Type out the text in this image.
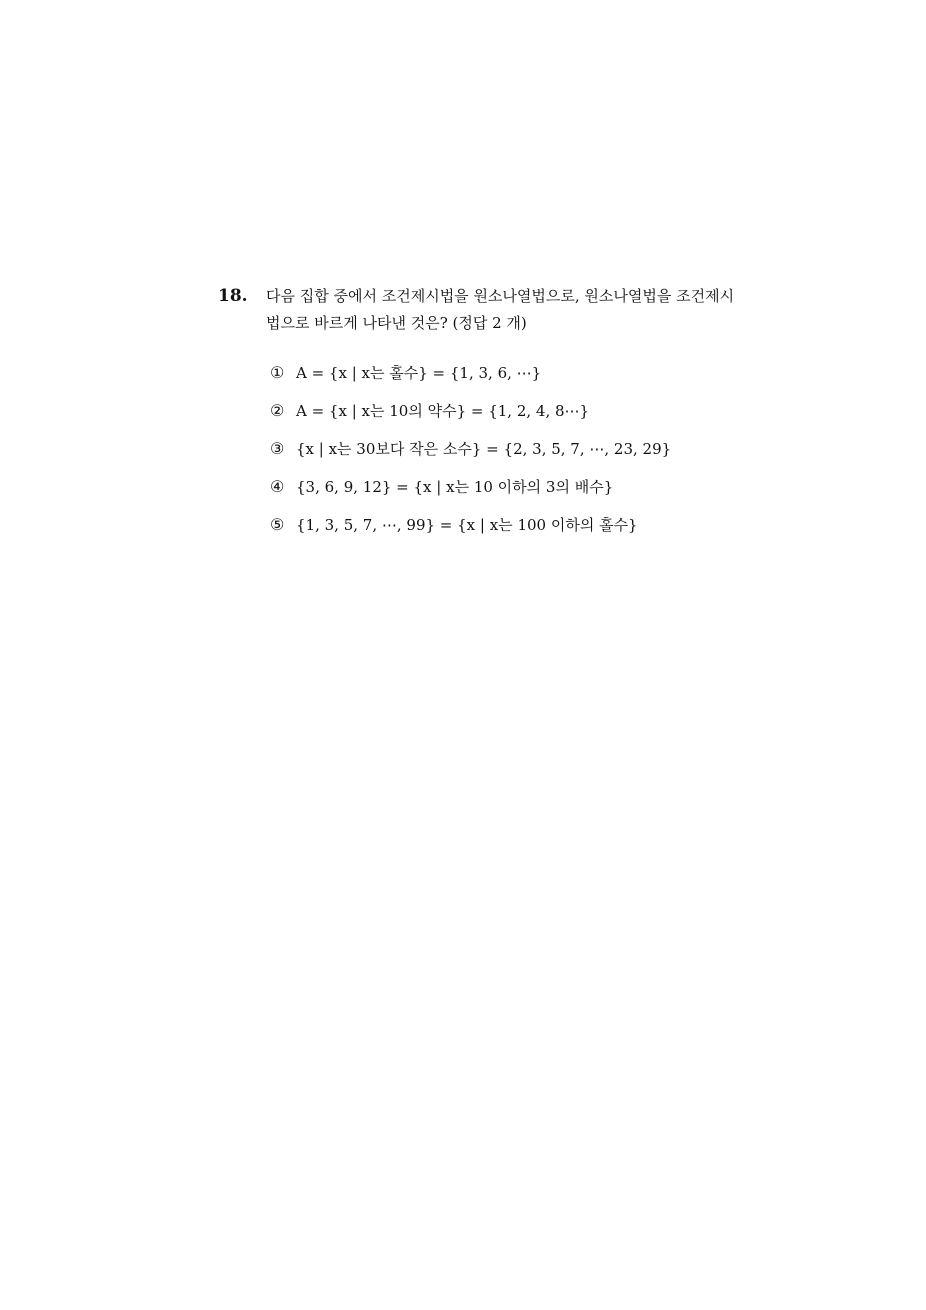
18. 다음 집합 중에서 조건제시법을 원소나열법으로, 원소나열법을 조건제시
법으로 바르게 나타낸 것은? (정답 2 개)
① A = {x | x는 홀수} = {1, 3, 6, ⋯}
② A = {x | x는 10의 약수} = {1, 2, 4, 8⋯}
③ {x | x는 30보다 작은 소수} = {2, 3, 5, 7, ⋯, 23, 29}
④ {3, 6, 9, 12} = {x | x는 10 이하의 3의 배수}
⑤ {1, 3, 5, 7, ⋯, 99} = {x | x는 100 이하의 홀수}
